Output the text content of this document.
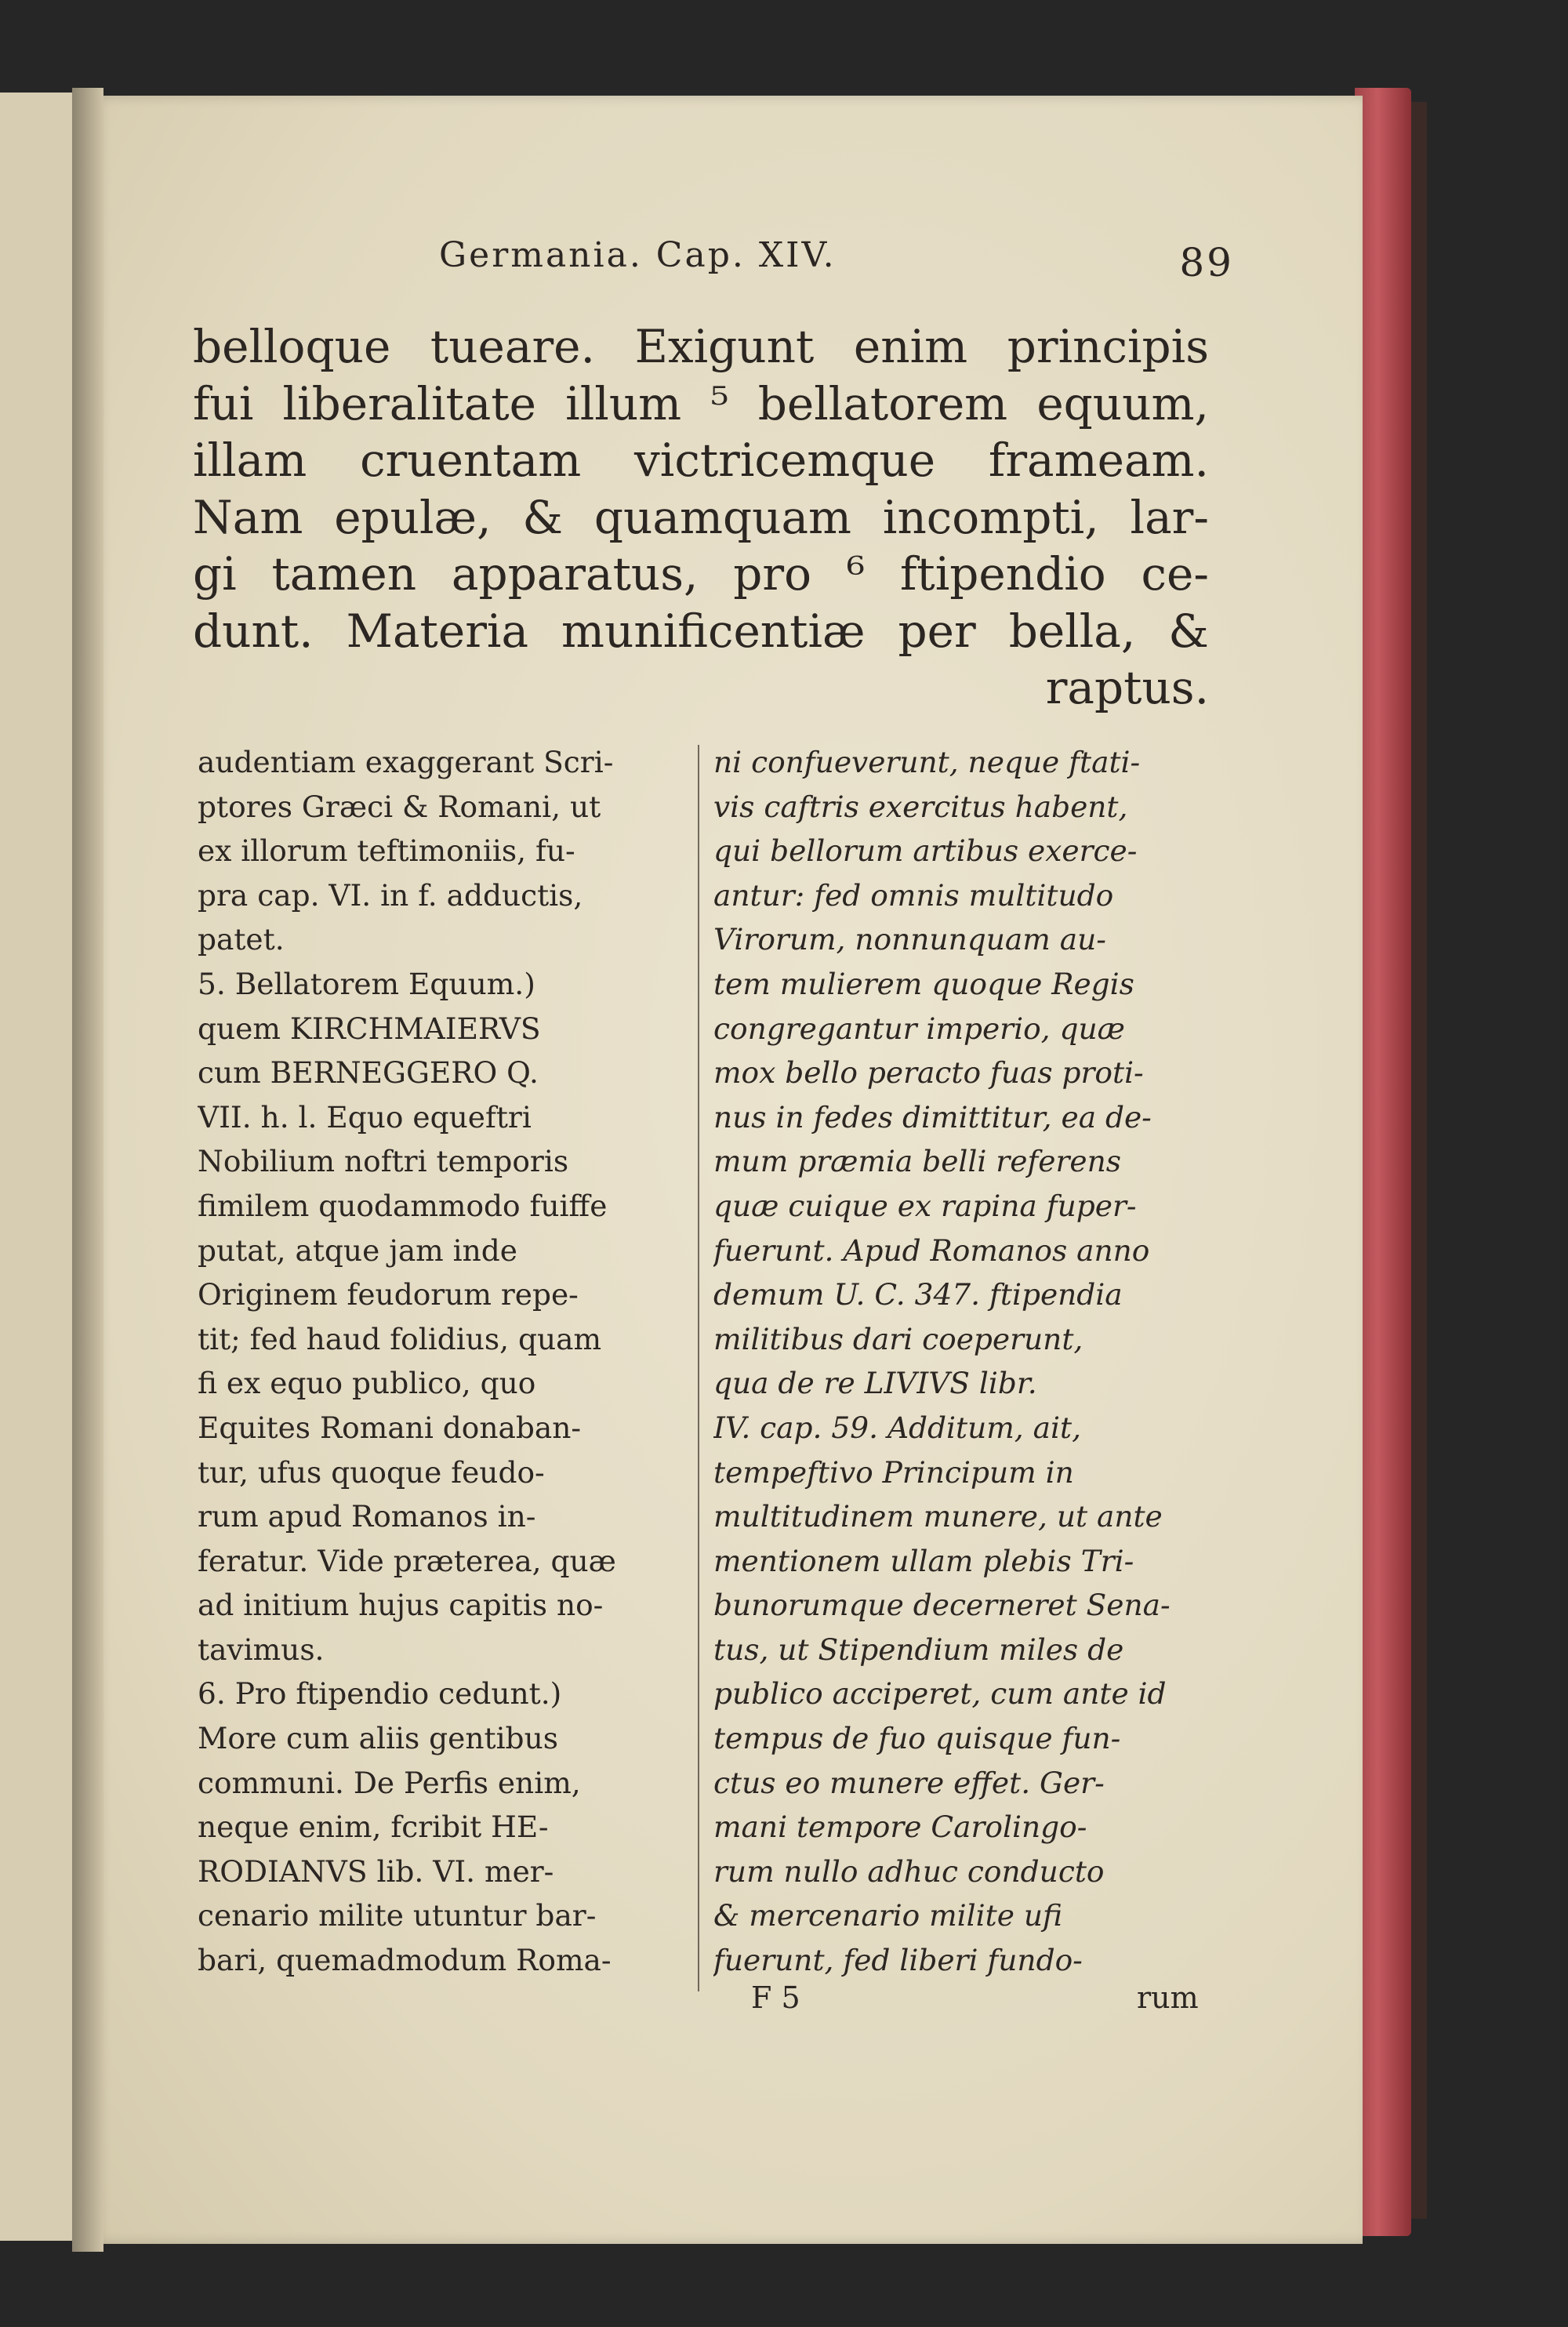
Germania. Cap. XIV.	89
belloque tueare. Exigunt enim principis
fui liberalitate illum ⁵ bellatorem equum,
illam cruentam victricemque frameam.
Nam epulæ, & quamquam incompti, lar-
gi tamen apparatus, pro ⁶ ftipendio ce-
dunt. Materia munificentiæ per bella, &
raptus.
audentiam exaggerant Scri-
ptores Græci & Romani, ut
ex illorum teftimoniis, fu-
pra cap. VI. in f. adductis,
patet.
5. Bellatorem Equum.)
quem KIRCHMAIERVS
cum BERNEGGERO Q.
VII. h. l. Equo equeftri
Nobilium noftri temporis
fimilem quodammodo fuiffe
putat, atque jam inde
Originem feudorum repe-
tit; fed haud folidius, quam
fi ex equo publico, quo
Equites Romani donaban-
tur, ufus quoque feudo-
rum apud Romanos in-
feratur. Vide præterea, quæ
ad initium hujus capitis no-
tavimus.
6. Pro ftipendio cedunt.)
More cum aliis gentibus
communi. De Perfis enim,
neque enim, fcribit HE-
RODIANVS lib. VI. mer-
cenario milite utuntur bar-
bari, quemadmodum Roma-
ni confueverunt, neque ftati-
vis caftris exercitus habent,
qui bellorum artibus exerce-
antur: fed omnis multitudo
Virorum, nonnunquam au-
tem mulierem quoque Regis
congregantur imperio, quæ
mox bello peracto fuas proti-
nus in fedes dimittitur, ea de-
mum præmia belli referens
quæ cuique ex rapina fuper-
fuerunt. Apud Romanos anno
demum U. C. 347. ftipendia
militibus dari coeperunt,
qua de re LIVIVS libr.
IV. cap. 59. Additum, ait,
tempeftivo Principum in
multitudinem munere, ut ante
mentionem ullam plebis Tri-
bunorumque decerneret Sena-
tus, ut Stipendium miles de
publico acciperet, cum ante id
tempus de fuo quisque fun-
ctus eo munere effet. Ger-
mani tempore Carolingo-
rum nullo adhuc conducto
& mercenario milite ufi
fuerunt, fed liberi fundo-
F 5	rum
